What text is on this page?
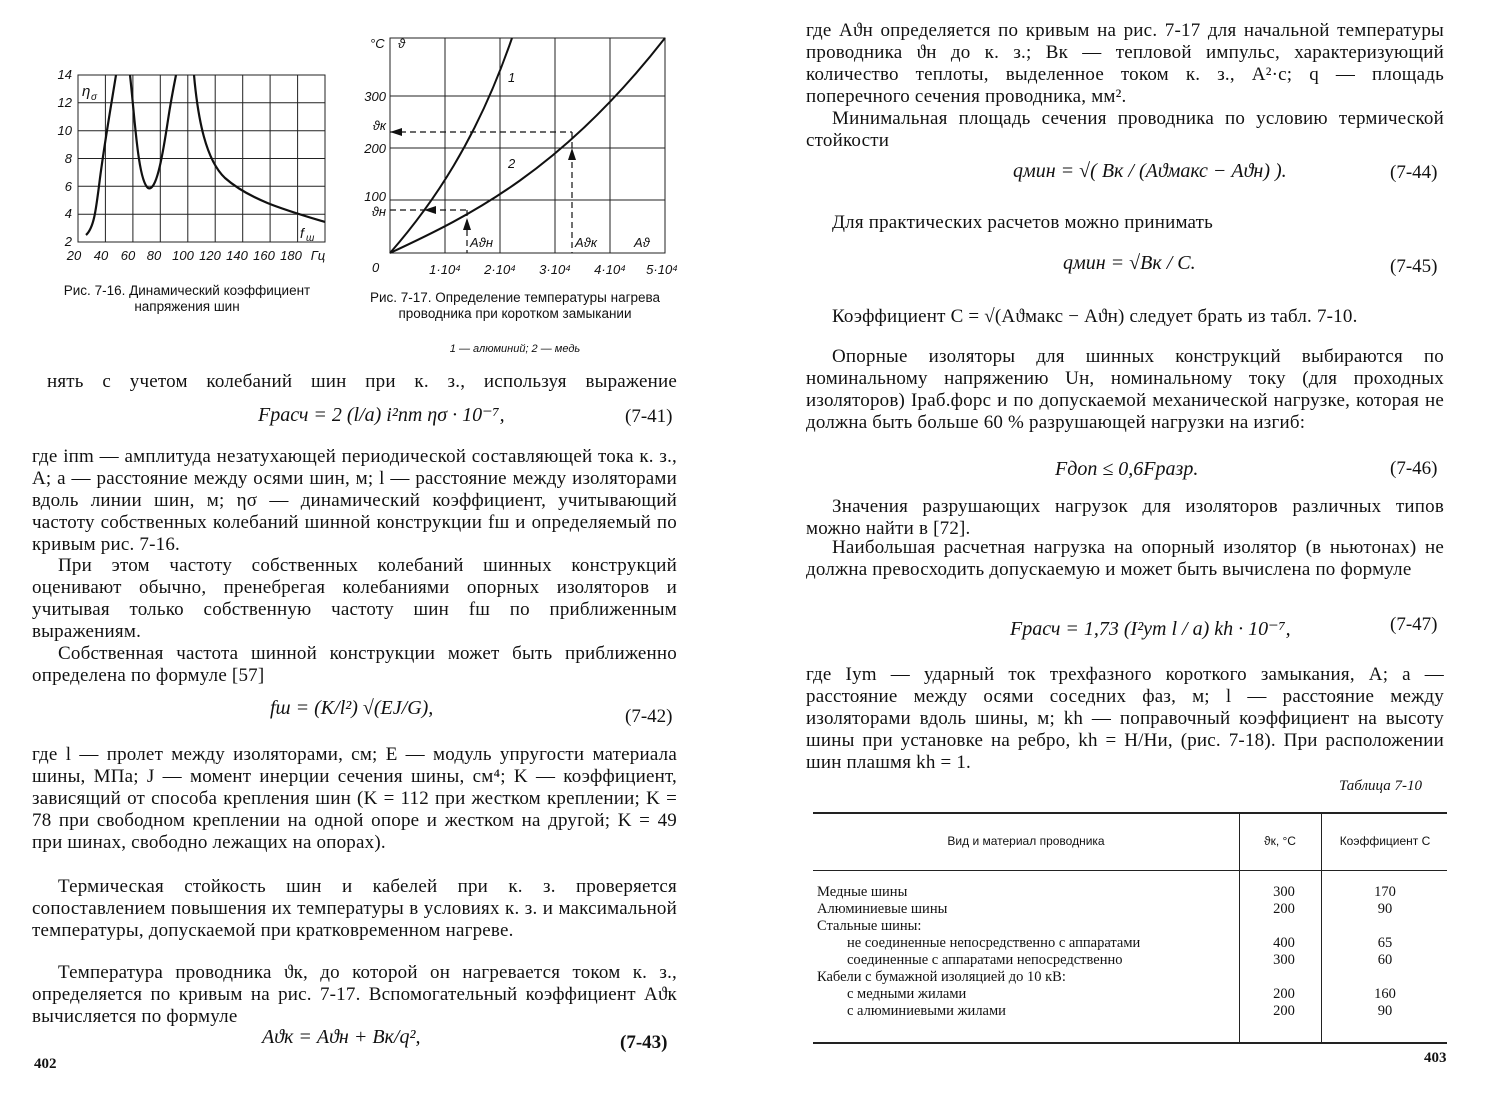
2
4
6
8
10
12
14
20 40 60 80 100 120 140 160 180 Гц
η σ
f ш
Рис. 7-16. Динамический коэффициент напряжения шин
°C ϑ
300
ϑк
200
100
ϑн
0	1·10⁴ 2·10⁴ 3·10⁴ 4·10⁴ 5·10⁴
Aϑн	Aϑк	Aϑ
1
2
Рис. 7-17. Определение температуры нагрева проводника при коротком замыкании
1 — алюминий; 2 — медь
нять с учетом колебаний шин при к. з., используя выражение
Fрасч = 2 (l/a) i²пm ησ · 10⁻⁷,	(7-41)
где iпm — амплитуда незатухающей периодической составляющей тока к. з., А; a — расстояние между осями шин, м; l — расстояние между изоляторами вдоль линии шин, м; ησ — динамический коэффициент, учитывающий частоту собственных колебаний шинной конструкции fш и определяемый по кривым рис. 7-16.
При этом частоту собственных колебаний шинных конструкций оценивают обычно, пренебрегая колебаниями опорных изоляторов и учитывая только собственную частоту шин fш по приближенным выражениям.
Собственная частота шинной конструкции может быть приближенно определена по формуле [57]
fш = (K/l²) √(EJ/G),	(7-42)
где l — пролет между изоляторами, см; E — модуль упругости материала шины, МПа; J — момент инерции сечения шины, см⁴; K — коэффициент, зависящий от способа крепления шин (K = 112 при жестком креплении; K = 78 при свободном креплении на одной опоре и жестком на другой; K = 49 при шинах, свободно лежащих на опорах).
Термическая стойкость шин и кабелей при к. з. проверяется сопоставлением повышения их температуры в условиях к. з. и максимальной температуры, допускаемой при кратковременном нагреве.
Температура проводника ϑк, до которой он нагревается током к. з., определяется по кривым на рис. 7-17. Вспомогательный коэффициент Aϑк вычисляется по формуле
Aϑк = Aϑн + Bк/q²,	(7-43)
402
где Aϑн определяется по кривым на рис. 7-17 для начальной температуры проводника ϑн до к. з.; Bк — тепловой импульс, характеризующий количество теплоты, выделенное током к. з., А²·с; q — площадь поперечного сечения проводника, мм².
Минимальная площадь сечения проводника по условию термической стойкости
qмин = √( Bк / (Aϑмакс − Aϑн) ).	(7-44)
Для практических расчетов можно принимать
qмин = √Bк / C.	(7-45)
Коэффициент C = √(Aϑмакс − Aϑн) следует брать из табл. 7-10.
Опорные изоляторы для шинных конструкций выбираются по номинальному напряжению Uн, номинальному току (для проходных изоляторов) Iраб.форс и по допускаемой механической нагрузке, которая не должна быть больше 60 % разрушающей нагрузки на изгиб:
Fдоп ≤ 0,6Fразр.	(7-46)
Значения разрушающих нагрузок для изоляторов различных типов можно найти в [72].
Наибольшая расчетная нагрузка на опорный изолятор (в ньютонах) не должна превосходить допускаемую и может быть вычислена по формуле
Fрасч = 1,73 (I²уm l / a) kh · 10⁻⁷,	(7-47)
где Iуm — ударный ток трехфазного короткого замыкания, А; a — расстояние между осями соседних фаз, м; l — расстояние между изоляторами вдоль шины, м; kh — поправочный коэффициент на высоту шины при установке на ребро, kh = H/Hи, (рис. 7-18). При расположении шин плашмя kh = 1.
Таблица 7-10
Вид и материал проводника	ϑк, °C	Коэффициент C
Медные шины	300	170
Алюминиевые шины	200	90
Стальные шины:
не соединенные непосредственно с аппаратами	400	65
соединенные с аппаратами непосредственно	300	60
Кабели с бумажной изоляцией до 10 кВ:
с медными жилами	200	160
с алюминиевыми жилами	200	90
403
